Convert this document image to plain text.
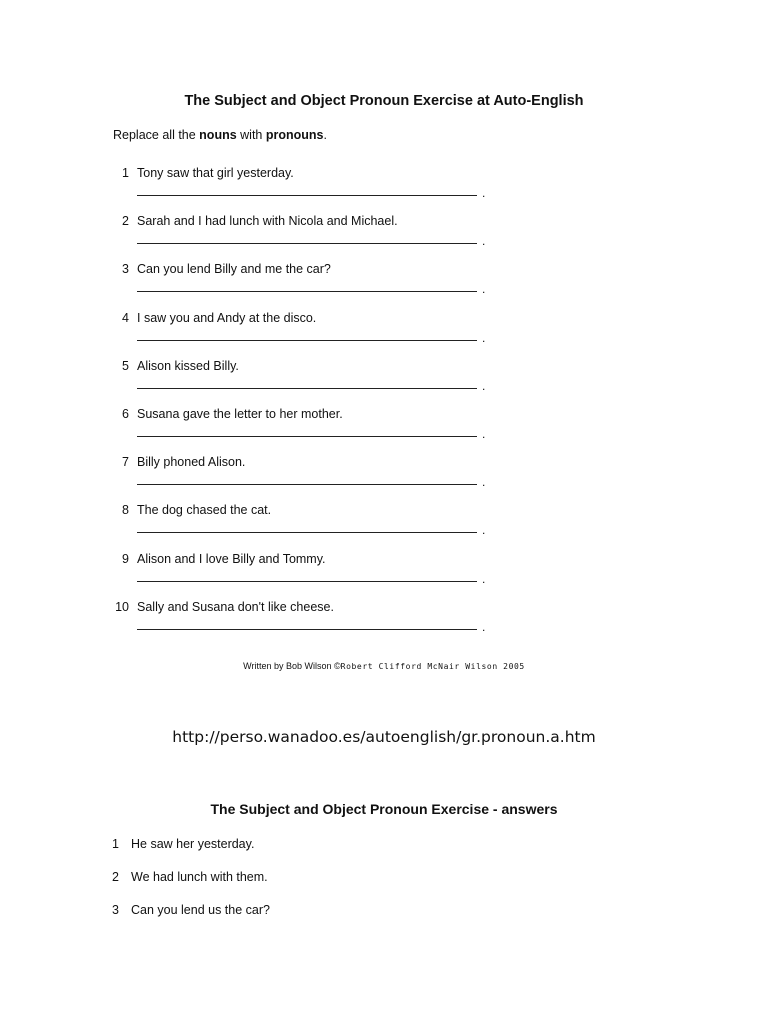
The Subject and Object Pronoun Exercise at Auto-English
Replace all the nouns with pronouns.
1 Tony saw that girl yesterday.
.
2 Sarah and I had lunch with Nicola and Michael.
.
3 Can you lend Billy and me the car?
.
4 I saw you and Andy at the disco.
.
5 Alison kissed Billy.
.
6 Susana gave the letter to her mother.
.
7 Billy phoned Alison.
.
8 The dog chased the cat.
.
9 Alison and I love Billy and Tommy.
.
10 Sally and Susana don't like cheese.
.
Written by Bob Wilson ©Robert Clifford McNair Wilson 2005
http://perso.wanadoo.es/autoenglish/gr.pronoun.a.htm
The Subject and Object Pronoun Exercise - answers
1 He saw her yesterday.
2 We had lunch with them.
3 Can you lend us the car?
